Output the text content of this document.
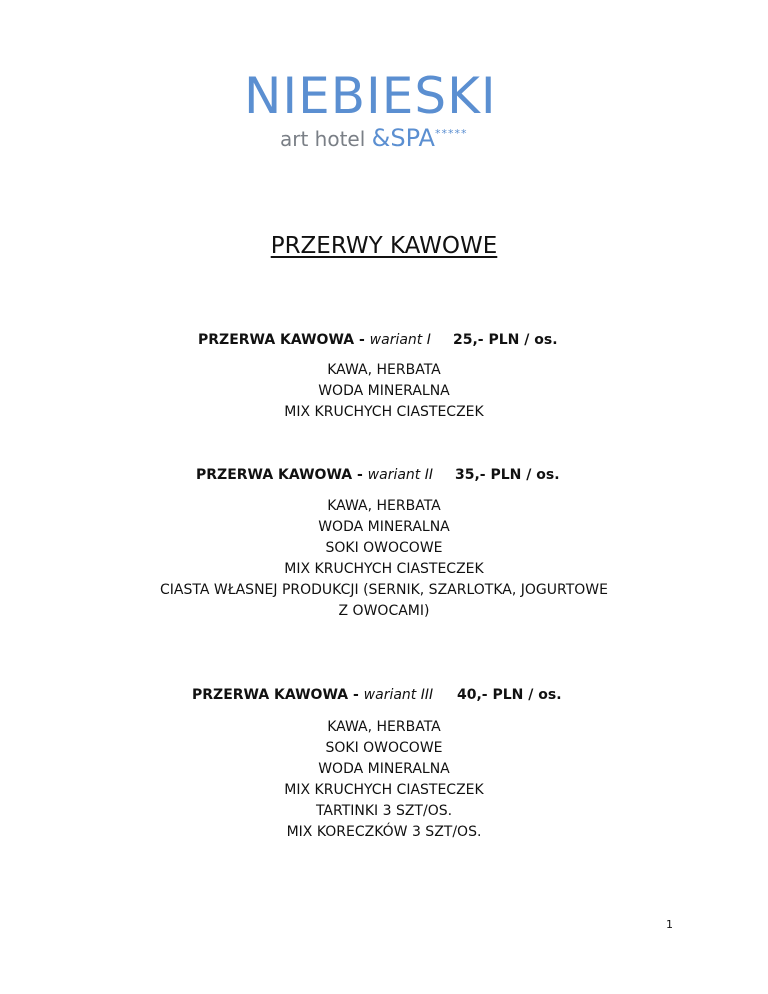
NIEBIESKI
art hotel &SPA*****
PRZERWY KAWOWE
PRZERWA KAWOWA - wariant I 25,- PLN / os.
KAWA, HERBATA
WODA MINERALNA
MIX KRUCHYCH CIASTECZEK
PRZERWA KAWOWA - wariant II 35,- PLN / os.
KAWA, HERBATA
WODA MINERALNA
SOKI OWOCOWE
MIX KRUCHYCH CIASTECZEK
CIASTA WŁASNEJ PRODUKCJI (SERNIK, SZARLOTKA, JOGURTOWE
Z OWOCAMI)
PRZERWA KAWOWA - wariant III 40,- PLN / os.
KAWA, HERBATA
SOKI OWOCOWE
WODA MINERALNA
MIX KRUCHYCH CIASTECZEK
TARTINKI 3 SZT/OS.
MIX KORECZKÓW 3 SZT/OS.
1
